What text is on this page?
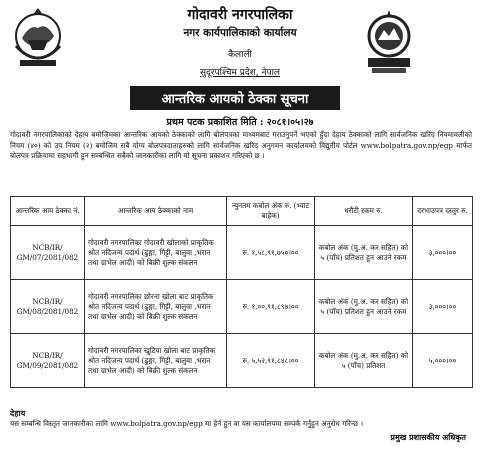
गोदावरी नगरपालिका
नगर कार्यपालिकाको कार्यालय
कैलाली
सुदूरपश्चिम प्रदेश, नेपाल
आन्तरिक आयको ठेक्का सूचना
प्रथम पटक प्रकाशित मिति : २०८१।०५।२७
गोदावरी नगरपालिकाको देहाय बमोजिमका आन्तरिक आयको ठेक्काको लागि बोलपत्रका माध्यमबाट गराउनुपर्ने भएको हुँदा देहाय ठेक्काको लागि सार्वजनिक खरिद नियमावलीको नियम (४०) को उप नियम (२) बमोजिम सबै योग्य बोलपत्रदाताहरुको लागि सार्वजनिक खरिद अनुगमन कार्यालयको विद्युतीय पोर्टल www.bolpatra.gov.np/egp मार्फत बोलपत्र प्रक्रियामा सहभागी हुन सम्बन्धित सबैको जानकारीका लागि यो सूचना प्रकाशन गरिएको छ ।
आन्तरिक आय ठेक्का नं.	आन्तरिक आय ठेक्काको नाम	न्युनतम कबोल अंक रु. (भ्याट बाहेक)	धरौटी रकम रु.	दरभाउपत्र दस्तुर रु.
NCB/IR/ GM/07/2081/082	गोदावरी नगरपालिका गोदावरी खोलाको प्राकृतिक श्रोत नदिजन्य पदार्थ (ढुङ्गा, गिट्टी, बालुवा ,भरान तथा ग्राभेल आदी) को बिक्री शुल्क संकलन	रु. १,५८,९१,७५०।००	कबोल अंक (मु.अ. कर सहित) को ५ (पाँच) प्रतिशत हुन आउने रकम	३,०००।००
NCB/IR/ GM/08/2081/082	गोदावरी नगरपालिका छोरना खोला बाट प्राकृतिक श्रोत नदिजन्य पदार्थ (ढुङ्गा, गिट्टी, बालुवा ,भरान तथा ग्राभेल आदी) को बिक्री शुल्क संकलन	रु. १,००,९१,८९७।००	कबोल अंक (मु.अ. कर सहित) को ५ (पाँच) प्रतिशत हुन आउने रकम	३,०००।००
NCB/IR/ GM/09/2081/082	गोदावरी नगरपालिका खुटिया खोला बाट प्राकृतिक श्रोत नदिजन्य पदार्थ (ढुङ्गा, गिट्टी, बालुवा ,भरान तथा ग्राभेल आदी) को बिक्री शुल्क संकलन	रु. ५,५२,९१,८४८।००	कबोल अंक (मु.अ. कर सहित) को ५ (पाँच) प्रतिशत	५,०००।००
देहाय
यस सम्बन्धि विस्तृत जानकारीका लागि www.bolpatra.gov.np/egp मा हेर्न हुन वा यस कार्यालयमा सम्पर्क गर्नुहुन अनुरोध गरिन्छ ।
प्रमुख प्रशासकीय अधिकृत
